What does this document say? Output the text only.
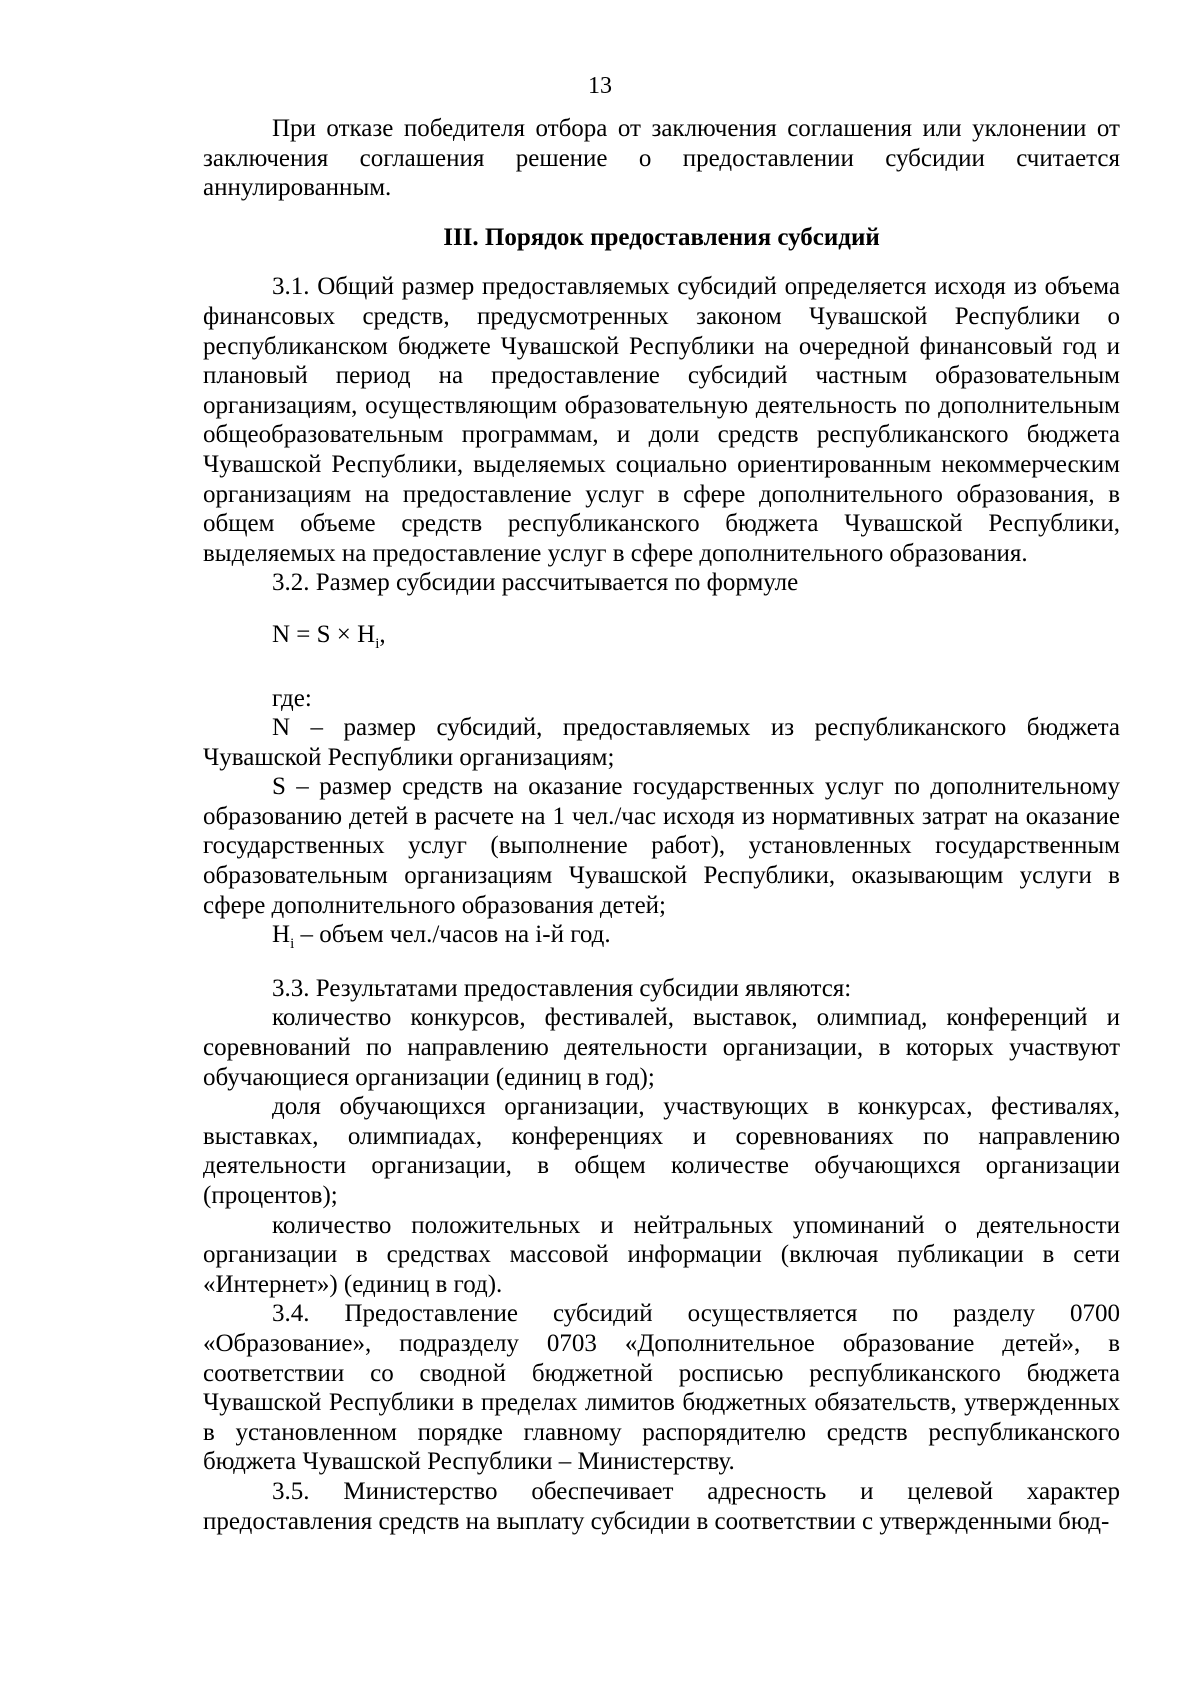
13

При отказе победителя отбора от заключения соглашения или уклонении от заключения соглашения решение о предоставлении субсидии считается аннулированным.

III. Порядок предоставления субсидий

3.1. Общий размер предоставляемых субсидий определяется исходя из объема финансовых средств, предусмотренных законом Чувашской Республики о республиканском бюджете Чувашской Республики на очередной финансовый год и плановый период на предоставление субсидий частным образовательным организациям, осуществляющим образовательную деятельность по дополнительным общеобразовательным программам, и доли средств республиканского бюджета Чувашской Республики, выделяемых социально ориентированным некоммерческим организациям на предоставление услуг в сфере дополнительного образования, в общем объеме средств республиканского бюджета Чувашской Республики, выделяемых на предоставление услуг в сфере дополнительного образования.

3.2. Размер субсидии рассчитывается по формуле

$N = S \times H_i$,

где:

N – размер субсидий, предоставляемых из республиканского бюджета Чувашской Республики организациям;

S – размер средств на оказание государственных услуг по дополнительному образованию детей в расчете на 1 чел./час исходя из нормативных затрат на оказание государственных услуг (выполнение работ), установленных государственным образовательным организациям Чувашской Республики, оказывающим услуги в сфере дополнительного образования детей;

$H_i$ – объем чел./часов на i-й год.

3.3. Результатами предоставления субсидии являются:

количество конкурсов, фестивалей, выставок, олимпиад, конференций и соревнований по направлению деятельности организации, в которых участвуют обучающиеся организации (единиц в год);

доля обучающихся организации, участвующих в конкурсах, фестивалях, выставках, олимпиадах, конференциях и соревнованиях по направлению деятельности организации, в общем количестве обучающихся организации (процентов);

количество положительных и нейтральных упоминаний о деятельности организации в средствах массовой информации (включая публикации в сети «Интернет») (единиц в год).

3.4. Предоставление субсидий осуществляется по разделу 0700 «Образование», подразделу 0703 «Дополнительное образование детей», в соответствии со сводной бюджетной росписью республиканского бюджета Чувашской Республики в пределах лимитов бюджетных обязательств, утвержденных в установленном порядке главному распорядителю средств республиканского бюджета Чувашской Республики – Министерству.

3.5. Министерство обеспечивает адресность и целевой характер предоставления средств на выплату субсидии в соответствии с утвержденными бюд-
